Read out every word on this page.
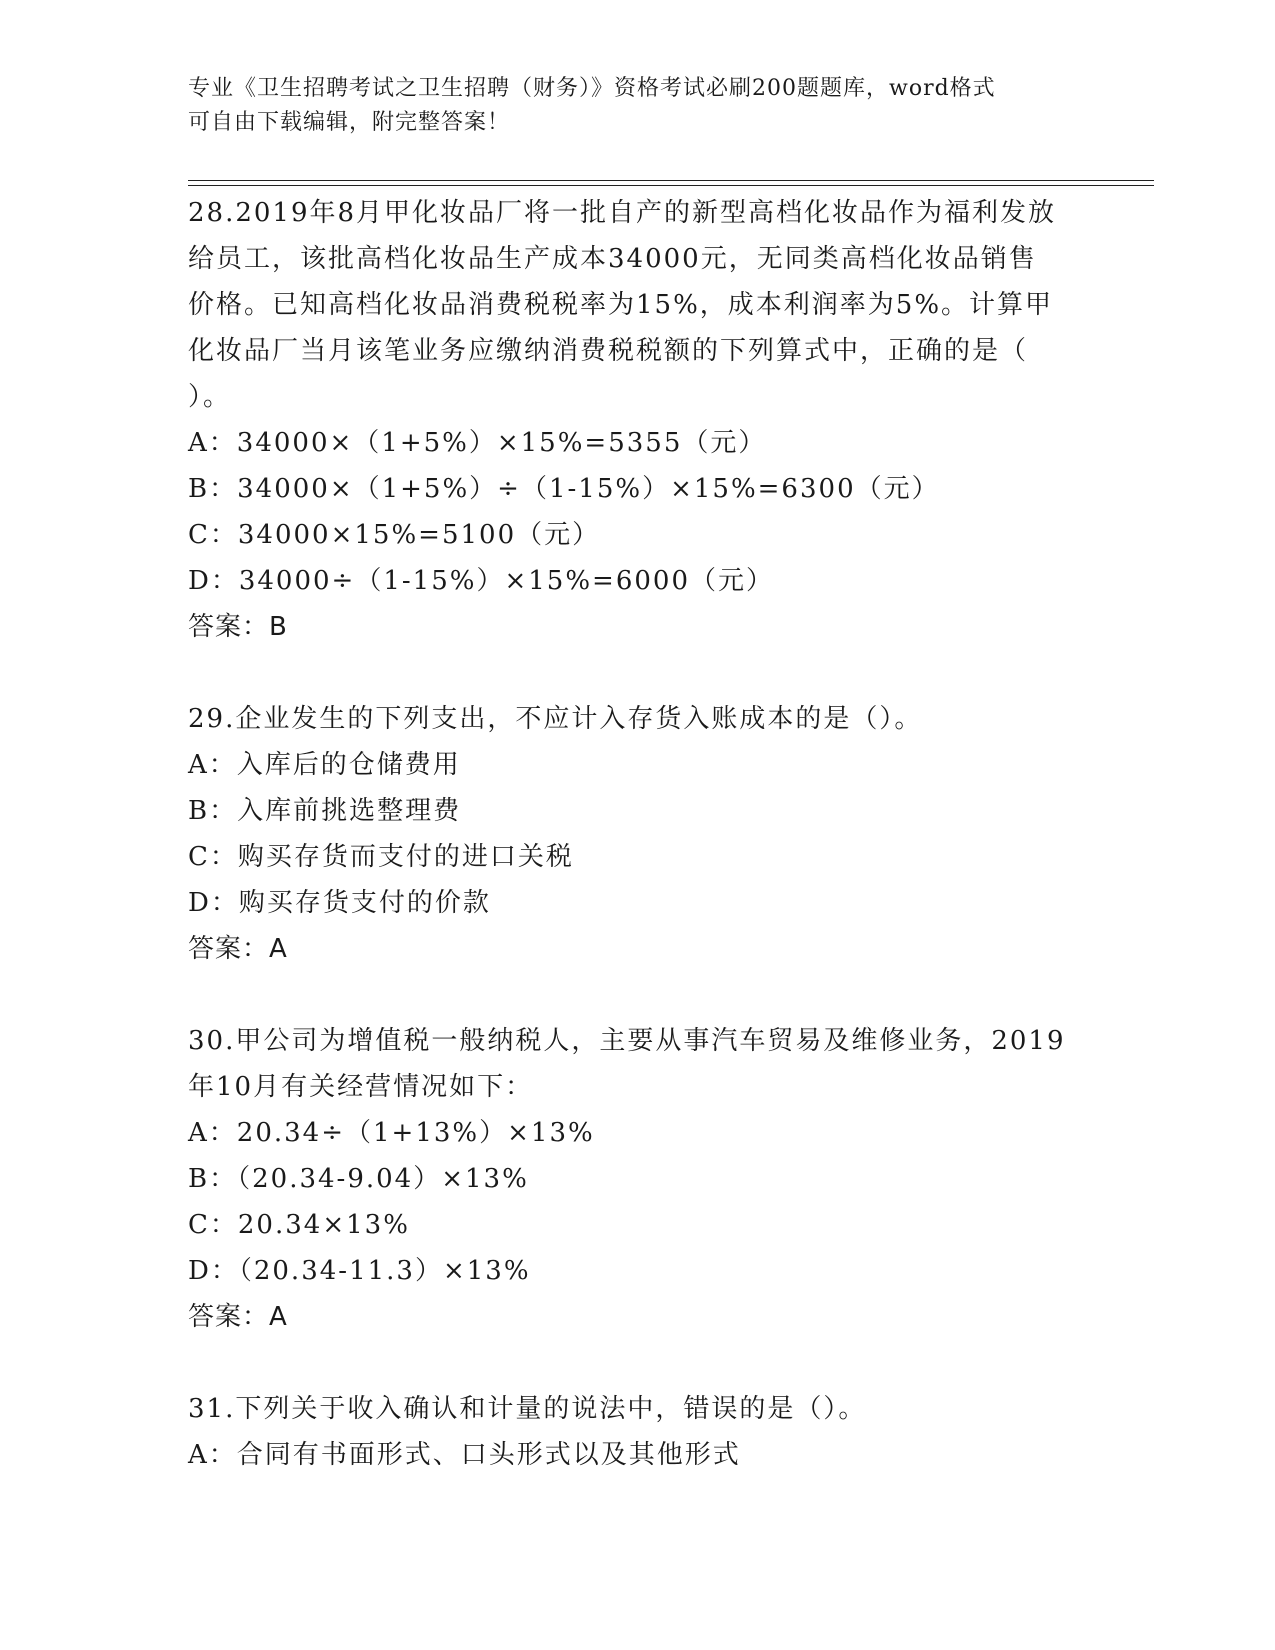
专业《卫生招聘考试之卫生招聘（财务）》资格考试必刷200题题库，word格式
可自由下载编辑，附完整答案！
28.2019年8月甲化妆品厂将一批自产的新型高档化妆品作为福利发放
给员工，该批高档化妆品生产成本34000元，无同类高档化妆品销售
价格。已知高档化妆品消费税税率为15%，成本利润率为5%。计算甲
化妆品厂当月该笔业务应缴纳消费税税额的下列算式中，正确的是（
）。
A：34000×（1+5%）×15%=5355（元）
B：34000×（1+5%）÷（1-15%）×15%=6300（元）
C：34000×15%=5100（元）
D：34000÷（1-15%）×15%=6000（元）
答案：B
29.企业发生的下列支出，不应计入存货入账成本的是（）。
A：入库后的仓储费用
B：入库前挑选整理费
C：购买存货而支付的进口关税
D：购买存货支付的价款
答案：A
30.甲公司为增值税一般纳税人，主要从事汽车贸易及维修业务，2019
年10月有关经营情况如下：
A：20.34÷（1+13%）×13%
B：（20.34-9.04）×13%
C：20.34×13%
D：（20.34-11.3）×13%
答案：A
31.下列关于收入确认和计量的说法中，错误的是（）。
A：合同有书面形式、口头形式以及其他形式
